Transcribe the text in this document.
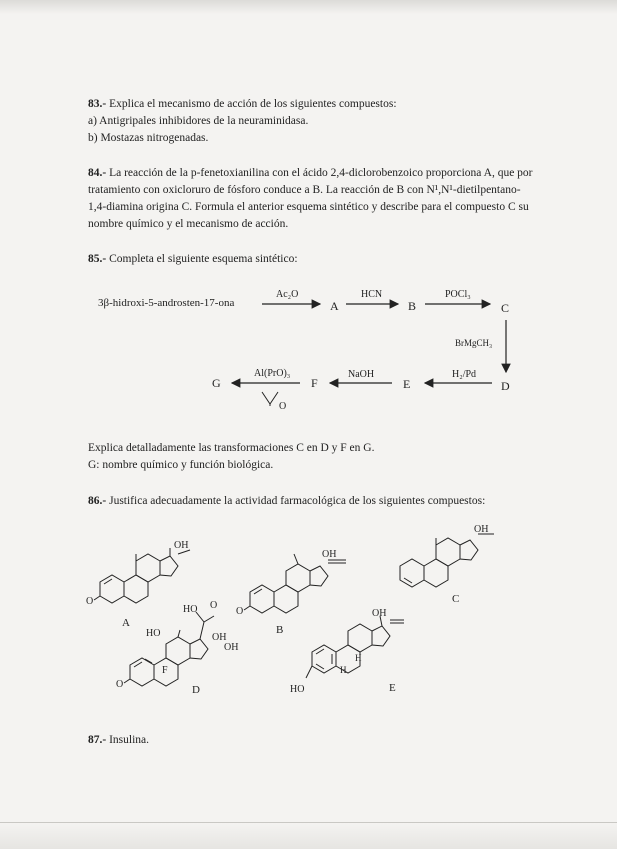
83.- Explica el mecanismo de acción de los siguientes compuestos:
a) Antigripales inhibidores de la neuraminidasa.
b) Mostazas nitrogenadas.
84.- La reacción de la p-fenetoxianilina con el ácido 2,4-diclorobenzoico proporciona A, que por
tratamiento con oxicloruro de fósforo conduce a B. La reacción de B con N¹,N¹-dietilpentano-
1,4-diamina origina C. Formula el anterior esquema sintético y describe para el compuesto C su
nombre químico y el mecanismo de acción.
85.- Completa el siguiente esquema sintético:
3β-hidroxi-5-androsten-17-ona
Ac₂O
A
HCN
B
POCl₃
C
BrMgCH₃
D
H₂/Pd
E
NaOH
F
Al(PrO)₃
G
O
Explica detalladamente las transformaciones C en D y F en G.
G: nombre químico y función biológica.
86.- Justifica adecuadamente la actividad farmacológica de los siguientes compuestos:
OH
O
A
OH
O
B
OH
C
HO O
HO	OH
OH
F
O	D
OH
H
H
HO	E
87.- Insulina.
